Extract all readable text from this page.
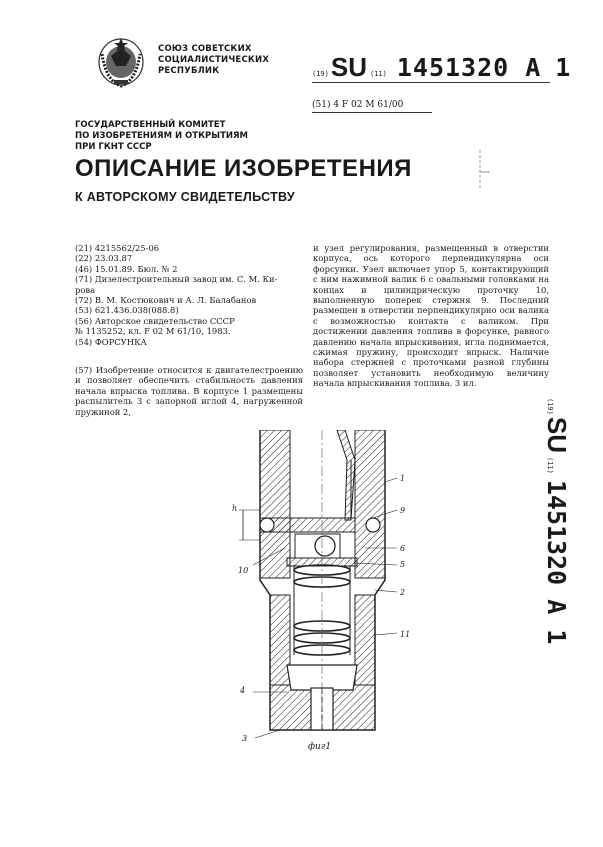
СОЮЗ СОВЕТСКИХ
СОЦИАЛИСТИЧЕСКИХ
РЕСПУБЛИК	(19)SU (11) 1451320 A 1
(51) 4 F 02 M 61/00
ГОСУДАРСТВЕННЫЙ КОМИТЕТ
ПО ИЗОБРЕТЕНИЯМ И ОТКРЫТИЯМ
ПРИ ГКНТ СССР
ОПИСАНИЕ ИЗОБРЕТЕНИЯ
К АВТОРСКОМУ СВИДЕТЕЛЬСТВУ
(21) 4215562/25-06
(22) 23.03.87
(46) 15.01.89. Бюл. № 2
(71) Дизелестроительный завод им. С. М. Ки-
рова
(72) В. М. Костюкович и А. Л. Балабанов
(53) 621.436.038(088.8)
(56) Авторское свидетельство СССР
№ 1135252, кл. F 02 M 61/10, 1983.
(54) ФОРСУНКА
(57) Изобретение относится к двигателестроению и позволяет обеспечить стабильность давления начала впрыска топлива. В корпусе 1 размещены распылитель 3 с запорной иглой 4, нагруженной пружиной 2,
и узел регулирования, размещенный в отверстии корпуса, ось которого перпендикулярна оси форсунки. Узел включает упор 5, контактирующий с ним нажимной валик 6 с овальными головками на концах и цилиндрическую проточку 10, выполненную поперек стержня 9. Последний размещен в отверстии перпендикулярно оси валика с возможностью контакта с валиком. При достижении давления топлива в форсунке, равного давлению начала впрыскивания, игла поднимается, сжимая пружину, происходит впрыск. Наличие набора стержней с проточками разной глубины позволяет установить необходимую величину начала впрыскивания топлива. 3 ил.
(19)SU(11)1451320A 1
1
9
h
6
5
10
2
11
4
3
фиг1
